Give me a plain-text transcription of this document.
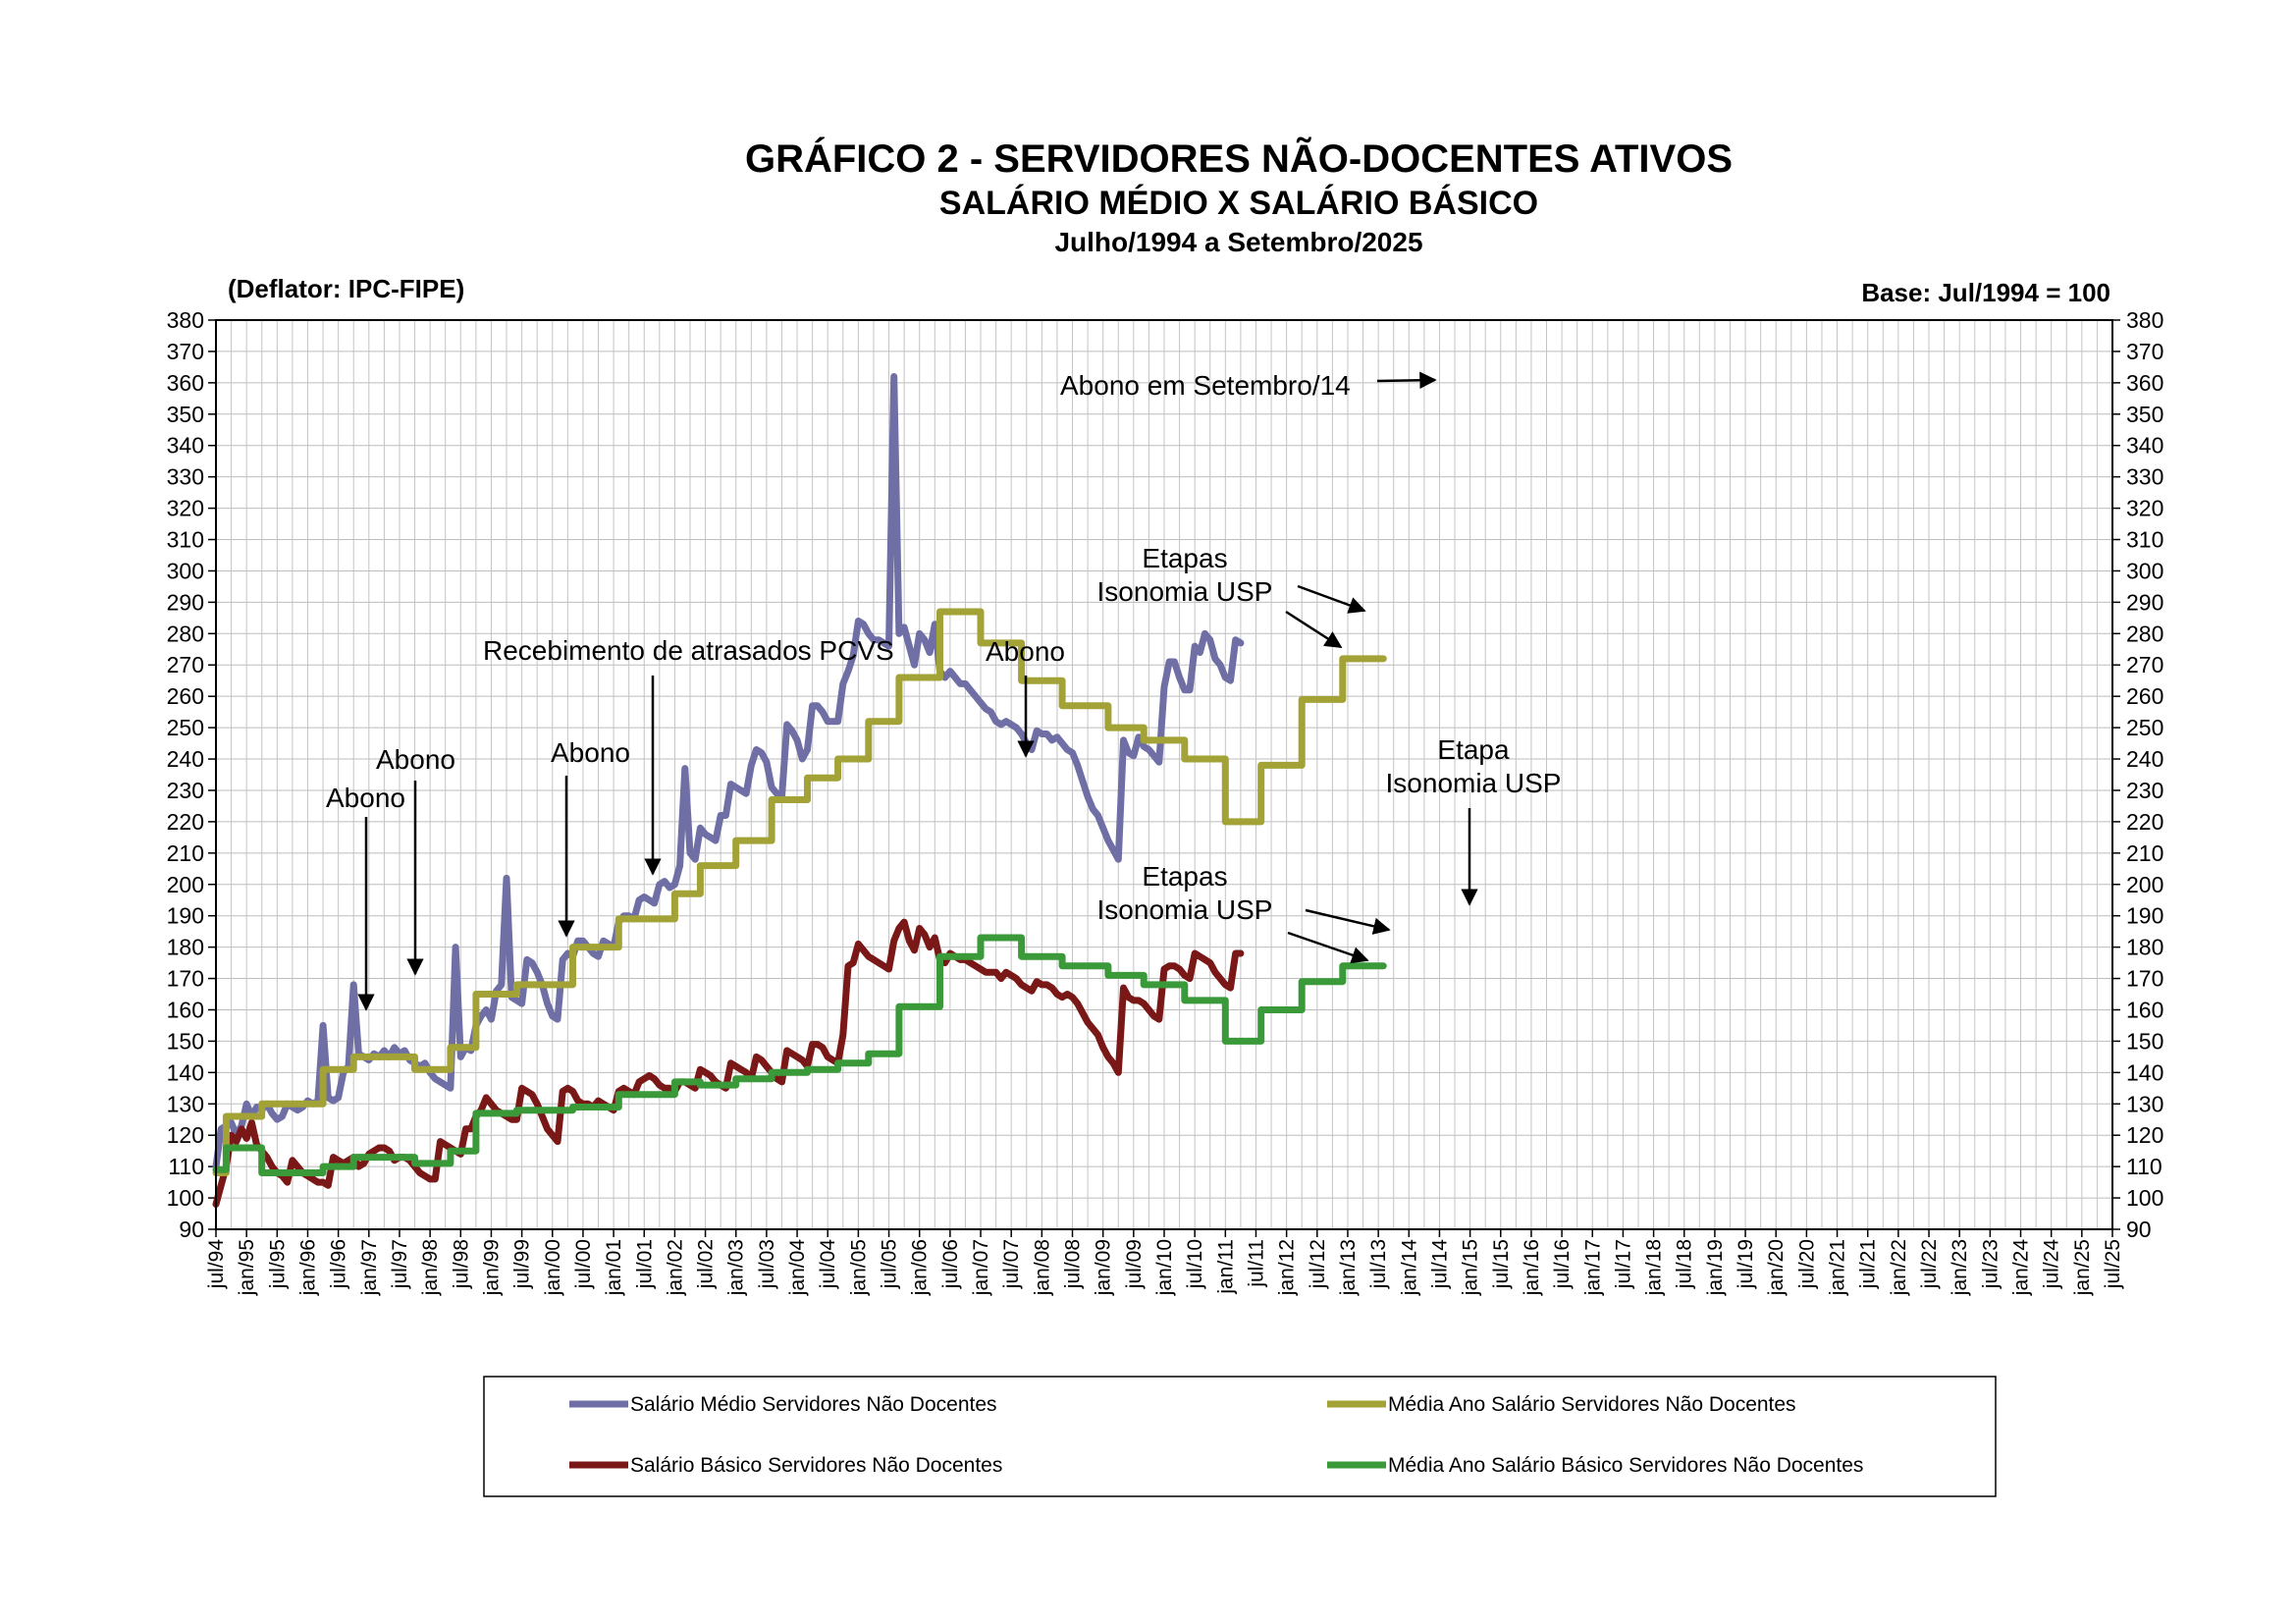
GRÁFICO 2 - SERVIDORES NÃO-DOCENTES ATIVOS
SALÁRIO MÉDIO X SALÁRIO BÁSICO
Julho/1994 a Setembro/2025
(Deflator: IPC-FIPE)	Base: Jul/1994 = 100
90
100
110
120
130
140
150
160
170
180
190
200
210
220
230
240
250
260
270
280
290
300
310
320
330
340
350
360
370
380
90
100
110
120
130
140
150
160
170
180
190
200
210
220
230
240
250
260
270
280
290
300
310
320
330
340
350
360
370
380
jul/94 jan/95 jul/95 jan/96 jul/96 jan/97 jul/97 jan/98 jul/98 jan/99 jul/99 jan/00 jul/00 jan/01 jul/01 jan/02 jul/02 jan/03 jul/03 jan/04 jul/04 jan/05 jul/05 jan/06 jul/06 jan/07 jul/07 jan/08 jul/08 jan/09 jul/09 jan/10 jul/10 jan/11 jul/11 jan/12 jul/12 jan/13 jul/13 jan/14 jul/14 jan/15 jul/15 jan/16 jul/16 jan/17 jul/17 jan/18 jul/18 jan/19 jul/19 jan/20 jul/20 jan/21 jul/21 jan/22 jul/22 jan/23 jul/23 jan/24 jul/24 jan/25 jul/25
Abono
Abono	Abono
Recebimento de atrasados PCVS	Abono
Abono em Setembro/14
Etapas Isonomia USP
Etapa Isonomia USP
Etapas Isonomia USP
Salário Médio Servidores Não Docentes	Média Ano Salário Servidores Não Docentes
Salário Básico Servidores Não Docentes	Média Ano Salário Básico Servidores Não Docentes
